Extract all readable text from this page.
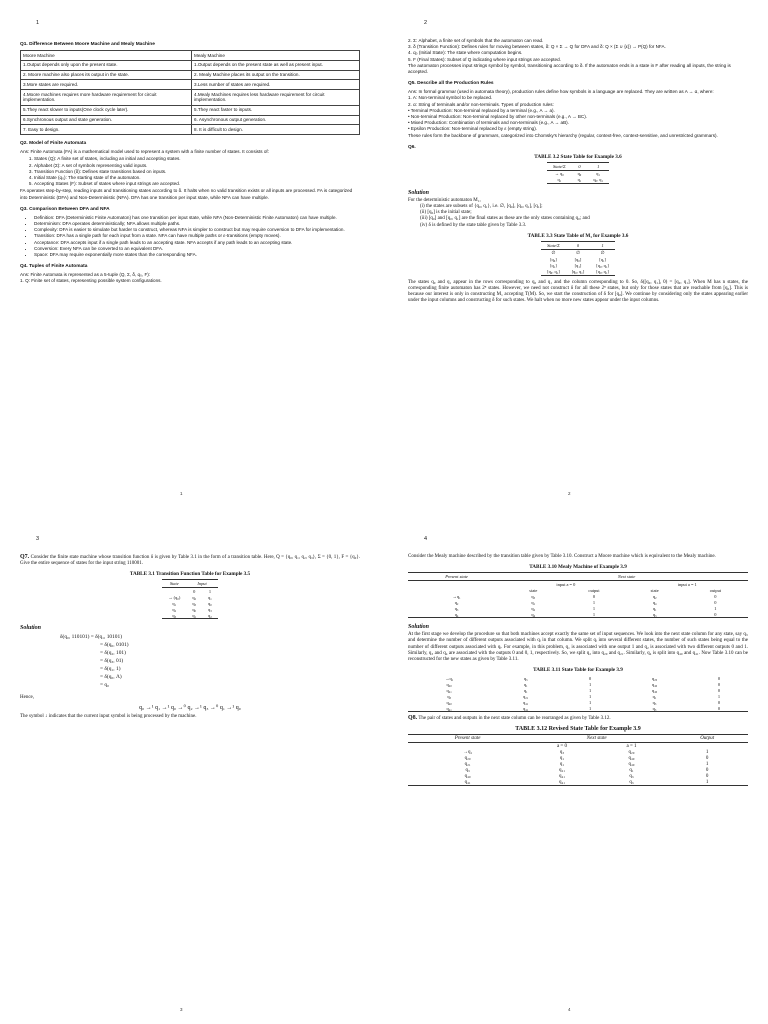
1
Q1. Difference Between Moore Machine and Mealy Machine
Moore Machine	Mealy Machine
1.Output depends only upon the present state.	1.Output depends on the present state as well as present input.
2. Moore machine also places its output in the state.	2. Mealy Machine places its output on the transition.
3.More states are required.	3.Less number of states are required.
4.Moore machines requires more hardware requirement for circuit implementation.	4.Mealy Machines requires less hardware requirement for circuit implementation.
5.They react slower to inputs(One clock cycle later).	5.They react faster to inputs.
6.Synchronous output and state generation.	6. Asynchronous output generation.
7. Easy to design.	8. It is difficult to design.
Q2. Model of Finite Automata
Ans: Finite Automata (FA) is a mathematical model used to represent a system with a finite number of states. It consists of:
1. States (Q): A finite set of states, including an initial and accepting states.
2. Alphabet (Σ): A set of symbols representing valid inputs.
3. Transition Function (δ): Defines state transitions based on inputs.
4. Initial State (q₀): The starting state of the automaton.
5. Accepting States (F): Subset of states where input strings are accepted.
FA operates step-by-step, reading inputs and transitioning states according to δ. It halts when no valid transition exists or all inputs are processed. FA is categorized into Deterministic (DFA) and Non-Deterministic (NFA). DFA has one transition per input state, while NFA can have multiple.
Q3. Comparison Between DFA and NFA
• Definition: DFA (Deterministic Finite Automaton) has one transition per input state, while NFA (Non-Deterministic Finite Automaton) can have multiple.
• Determinism: DFA operates deterministically; NFA allows multiple paths.
• Complexity: DFA is easier to simulate but harder to construct, whereas NFA is simpler to construct but may require conversion to DFA for implementation.
• Transition: DFA has a single path for each input from a state. NFA can have multiple paths or ε-transitions (empty moves).
• Acceptance: DFA accepts input if a single path leads to an accepting state. NFA accepts if any path leads to an accepting state.
• Conversion: Every NFA can be converted to an equivalent DFA.
• Space: DFA may require exponentially more states than the corresponding NFA.
Q4. Tuples of Finite Automata
Ans: Finite Automata is represented as a 5-tuple (Q, Σ, δ, q₀, F):
1. Q: Finite set of states, representing possible system configurations.
1
2
2. Σ: Alphabet, a finite set of symbols that the automaton can read.
3. δ (Transition Function): Defines rules for moving between states, δ: Q × Σ → Q for DFA and δ: Q × (Σ ∪ {ε}) → P(Q) for NFA.
4. q₀ (Initial State): The state where computation begins.
5. F (Final States): Subset of Q indicating where input strings are accepted.
The automaton processes input strings symbol by symbol, transitioning according to δ. If the automaton ends in a state in F after reading all inputs, the string is accepted.
Q5. Describe all the Production Rules
Ans: In formal grammar (used in automata theory), production rules define how symbols in a language are replaced. They are written as A → α, where:
1. A: Non-terminal symbol to be replaced.
2. α: String of terminals and/or non-terminals. Types of production rules:
• Terminal Production: Non-terminal replaced by a terminal (e.g., A → a).
• Non-terminal Production: Non-terminal replaced by other non-terminals (e.g., A → BC).
• Mixed Production: Combination of terminals and non-terminals (e.g., A → aB).
• Epsilon Production: Non-terminal replaced by ε (empty string).
These rules form the backbone of grammars, categorized into Chomsky's hierarchy (regular, context-free, context-sensitive, and unrestricted grammars).
Q6.
TABLE 3.2 State Table for Example 3.6
State/Σ	0	1
→ q₀	q₀	q₁
q₁	q₁	q₀, q₁
Solution
For the deterministic automaton M₁,
(i) the states are subsets of {q₀, q₁}, i.e. ∅, [q₀], [q₀, q₁], [q₁];
(ii) [q₀] is the initial state;
(iii) [q₀] and [q₀, q₁] are the final states as these are the only states containing q₀; and
(iv) δ is defined by the state table given by Table 3.3.
TABLE 3.3 State Table of M₁ for Example 3.6
State/Σ	0	1
∅	∅	∅
[q₀]	[q₀]	[q₁]
[q₁]	[q₁]	[q₀, q₁]
[q₀, q₁]	[q₀, q₁]	[q₀, q₁]
The states q₀ and q₁ appear in the rows corresponding to q₀ and q₁ and the column corresponding to 0. So, δ([q₀, q₁], 0) = [q₀, q₁]. When M has n states, the corresponding finite automaton has 2ⁿ states. However, we need not construct δ for all these 2ⁿ states, but only for those states that are reachable from [q₀]. This is because our interest is only in constructing M₁ accepting T(M). So, we start the construction of δ for [q₀]. We continue by considering only the states appearing earlier under the input columns and constructing δ for such states. We halt when no more new states appear under the input columns.
2
3
Q7. Consider the finite state machine whose transition function δ is given by Table 3.1 in the form of a transition table. Here, Q = {q₀, q₁, q₂, q₃}, Σ = {0, 1}, F = {q₀}. Give the entire sequence of states for the input string 110001.
TABLE 3.1 Transition Function Table for Example 3.5
State	Input	
	0	1
→ (q₀)	q₂	q₁
q₁	q₃	q₀
q₂	q₀	q₃
q₃	q₁	q₂
Solution
δ(q₀, 110101) = δ(q₁, 10101)
= δ(q₀, 0101)
= δ(q₂, 101)
= δ(q₃, 01)
= δ(q₁, 1)
= δ(q₀, Λ)
= q₀
Hence,
q₀ →¹ q₁ →¹ q₀ →⁰ q₂ →¹ q₃ →⁰ q₁ →¹ q₀
The symbol ↓ indicates that the current input symbol is being processed by the machine.
3
4
Consider the Mealy machine described by the transition table given by Table 3.10. Construct a Moore machine which is equivalent to the Mealy machine.
TABLE 3.10 Mealy Machine of Example 3.9
Present state	Next state			
	input a = 0		input a = 1	
	state	output	state	output
→q₁	q₃	0	q₂	0
q₂	q₁	1	q₄	0
q₃	q₂	1	q₁	1
q₄	q₄	1	q₃	0
Solution
At the first stage we develop the procedure so that both machines accept exactly the same set of input sequences. We look into the next state column for any state, say qᵢ, and determine the number of different outputs associated with qᵢ in that column. We split qᵢ into several different states, the number of such states being equal to the number of different outputs associated with qᵢ. For example, in this problem, q₁ is associated with one output 1 and q₂ is associated with two different outputs 0 and 1. Similarly, q₃ and q₄ are associated with the outputs 0 and 0, 1, respectively. So, we split q₂ into q₂₀ and q₂₁. Similarly, q₄ is split into q₄₀ and q₄₁. Now Table 3.10 can be reconstructed for the new states as given by Table 3.11.
TABLE 3.11 State Table for Example 3.9
→q₁	q₃	0	q₂₀	0
q₂₀	q₁	1	q₄₀	0
q₂₁	q₁	1	q₄₀	0
q₃	q₂₁	1	q₁	1
q₄₀	q₄₁	1	q₃	0
q₄₁	q₄₁	1	q₃	0
Q8. The pair of states and outputs in the next state column can be rearranged as given by Table 3.12.
TABLE 3.12 Revised State Table for Example 3.9
Present state	Next state		Output
	a = 0	a = 1	
→q₁	q₃	q₂₀	1
q₂₀	q₁	q₄₀	0
q₂₁	q₁	q₄₀	1
q₃	q₂₁	q₁	0
q₄₀	q₄₁	q₃	0
q₄₁	q₄₁	q₃	1
4
